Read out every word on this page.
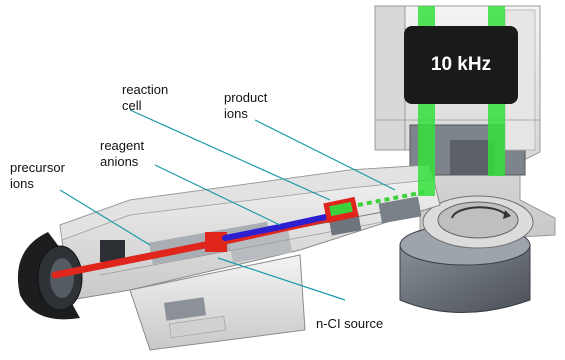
10 kHz
reaction
cell
product
ions
reagent
anions
precursor
ions
n-CI source
